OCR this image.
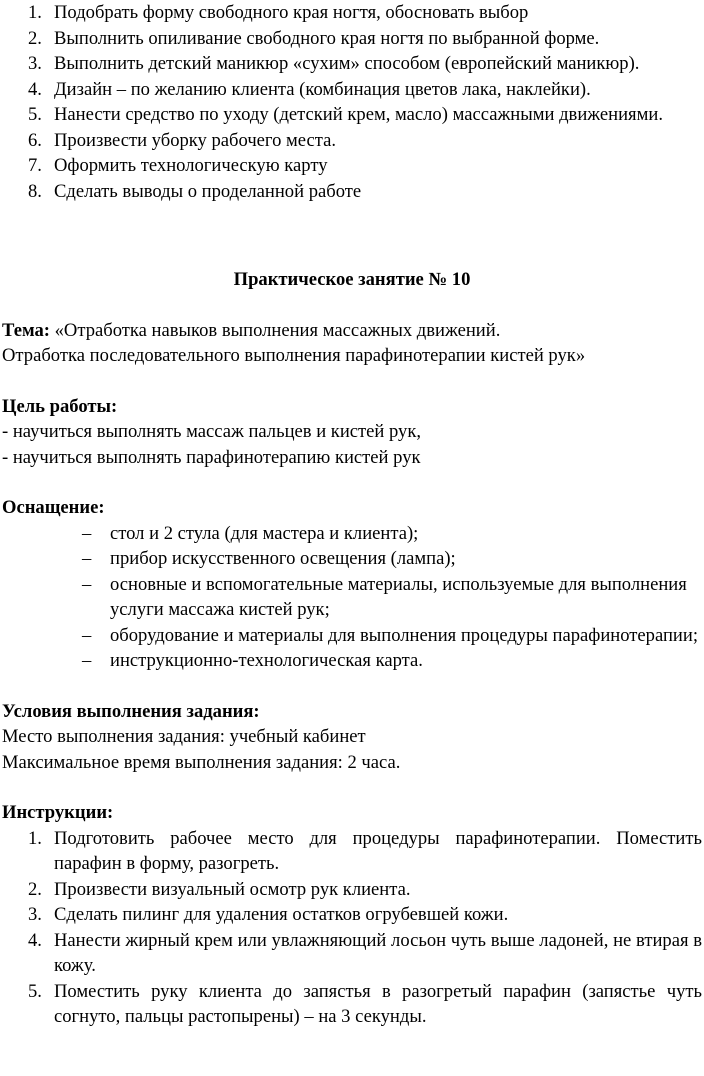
1. Подобрать форму свободного края ногтя, обосновать выбор
2. Выполнить опиливание свободного края ногтя по выбранной форме.
3. Выполнить детский маникюр «сухим» способом (европейский маникюр).
4. Дизайн – по желанию клиента (комбинация цветов лака, наклейки).
5. Нанести средство по уходу (детский крем, масло) массажными движениями.
6. Произвести уборку рабочего места.
7. Оформить технологическую карту
8. Сделать выводы о проделанной работе

Практическое занятие № 10

Тема: «Отработка навыков выполнения массажных движений.

Отработка последовательного выполнения парафинотерапии кистей рук»

Цель работы:

- научиться выполнять массаж пальцев и кистей рук,

- научиться выполнять парафинотерапию кистей рук

Оснащение:

–	стол и 2 стула (для мастера и клиента);
–	прибор искусственного освещения (лампа);
–	основные и вспомогательные материалы, используемые для выполнения услуги массажа кистей рук;
–	оборудование и материалы для выполнения процедуры парафинотерапии;
–	инструкционно-технологическая карта.

Условия выполнения задания:

Место выполнения задания: учебный кабинет

Максимальное время выполнения задания: 2 часа.

Инструкции:

1. Подготовить рабочее место для процедуры парафинотерапии. Поместить парафин в форму, разогреть.
2. Произвести визуальный осмотр рук клиента.
3. Сделать пилинг для удаления остатков огрубевшей кожи.
4. Нанести жирный крем или увлажняющий лосьон чуть выше ладоней, не втирая в кожу.
5. Поместить руку клиента до запястья в разогретый парафин (запястье чуть согнуто, пальцы растопырены) – на 3 секунды.
